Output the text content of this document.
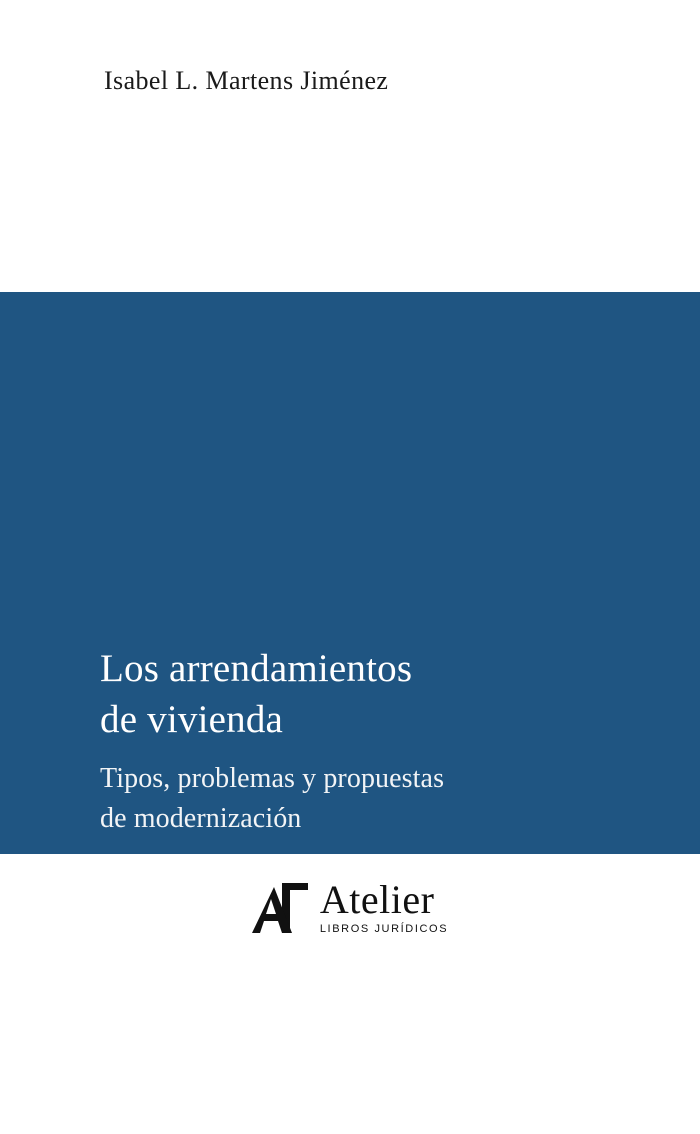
Isabel L. Martens Jiménez
Los arrendamientos
de vivienda

Tipos, problemas y propuestas
de modernización

CIVIL
Atelier
LIBROS JURÍDICOS
